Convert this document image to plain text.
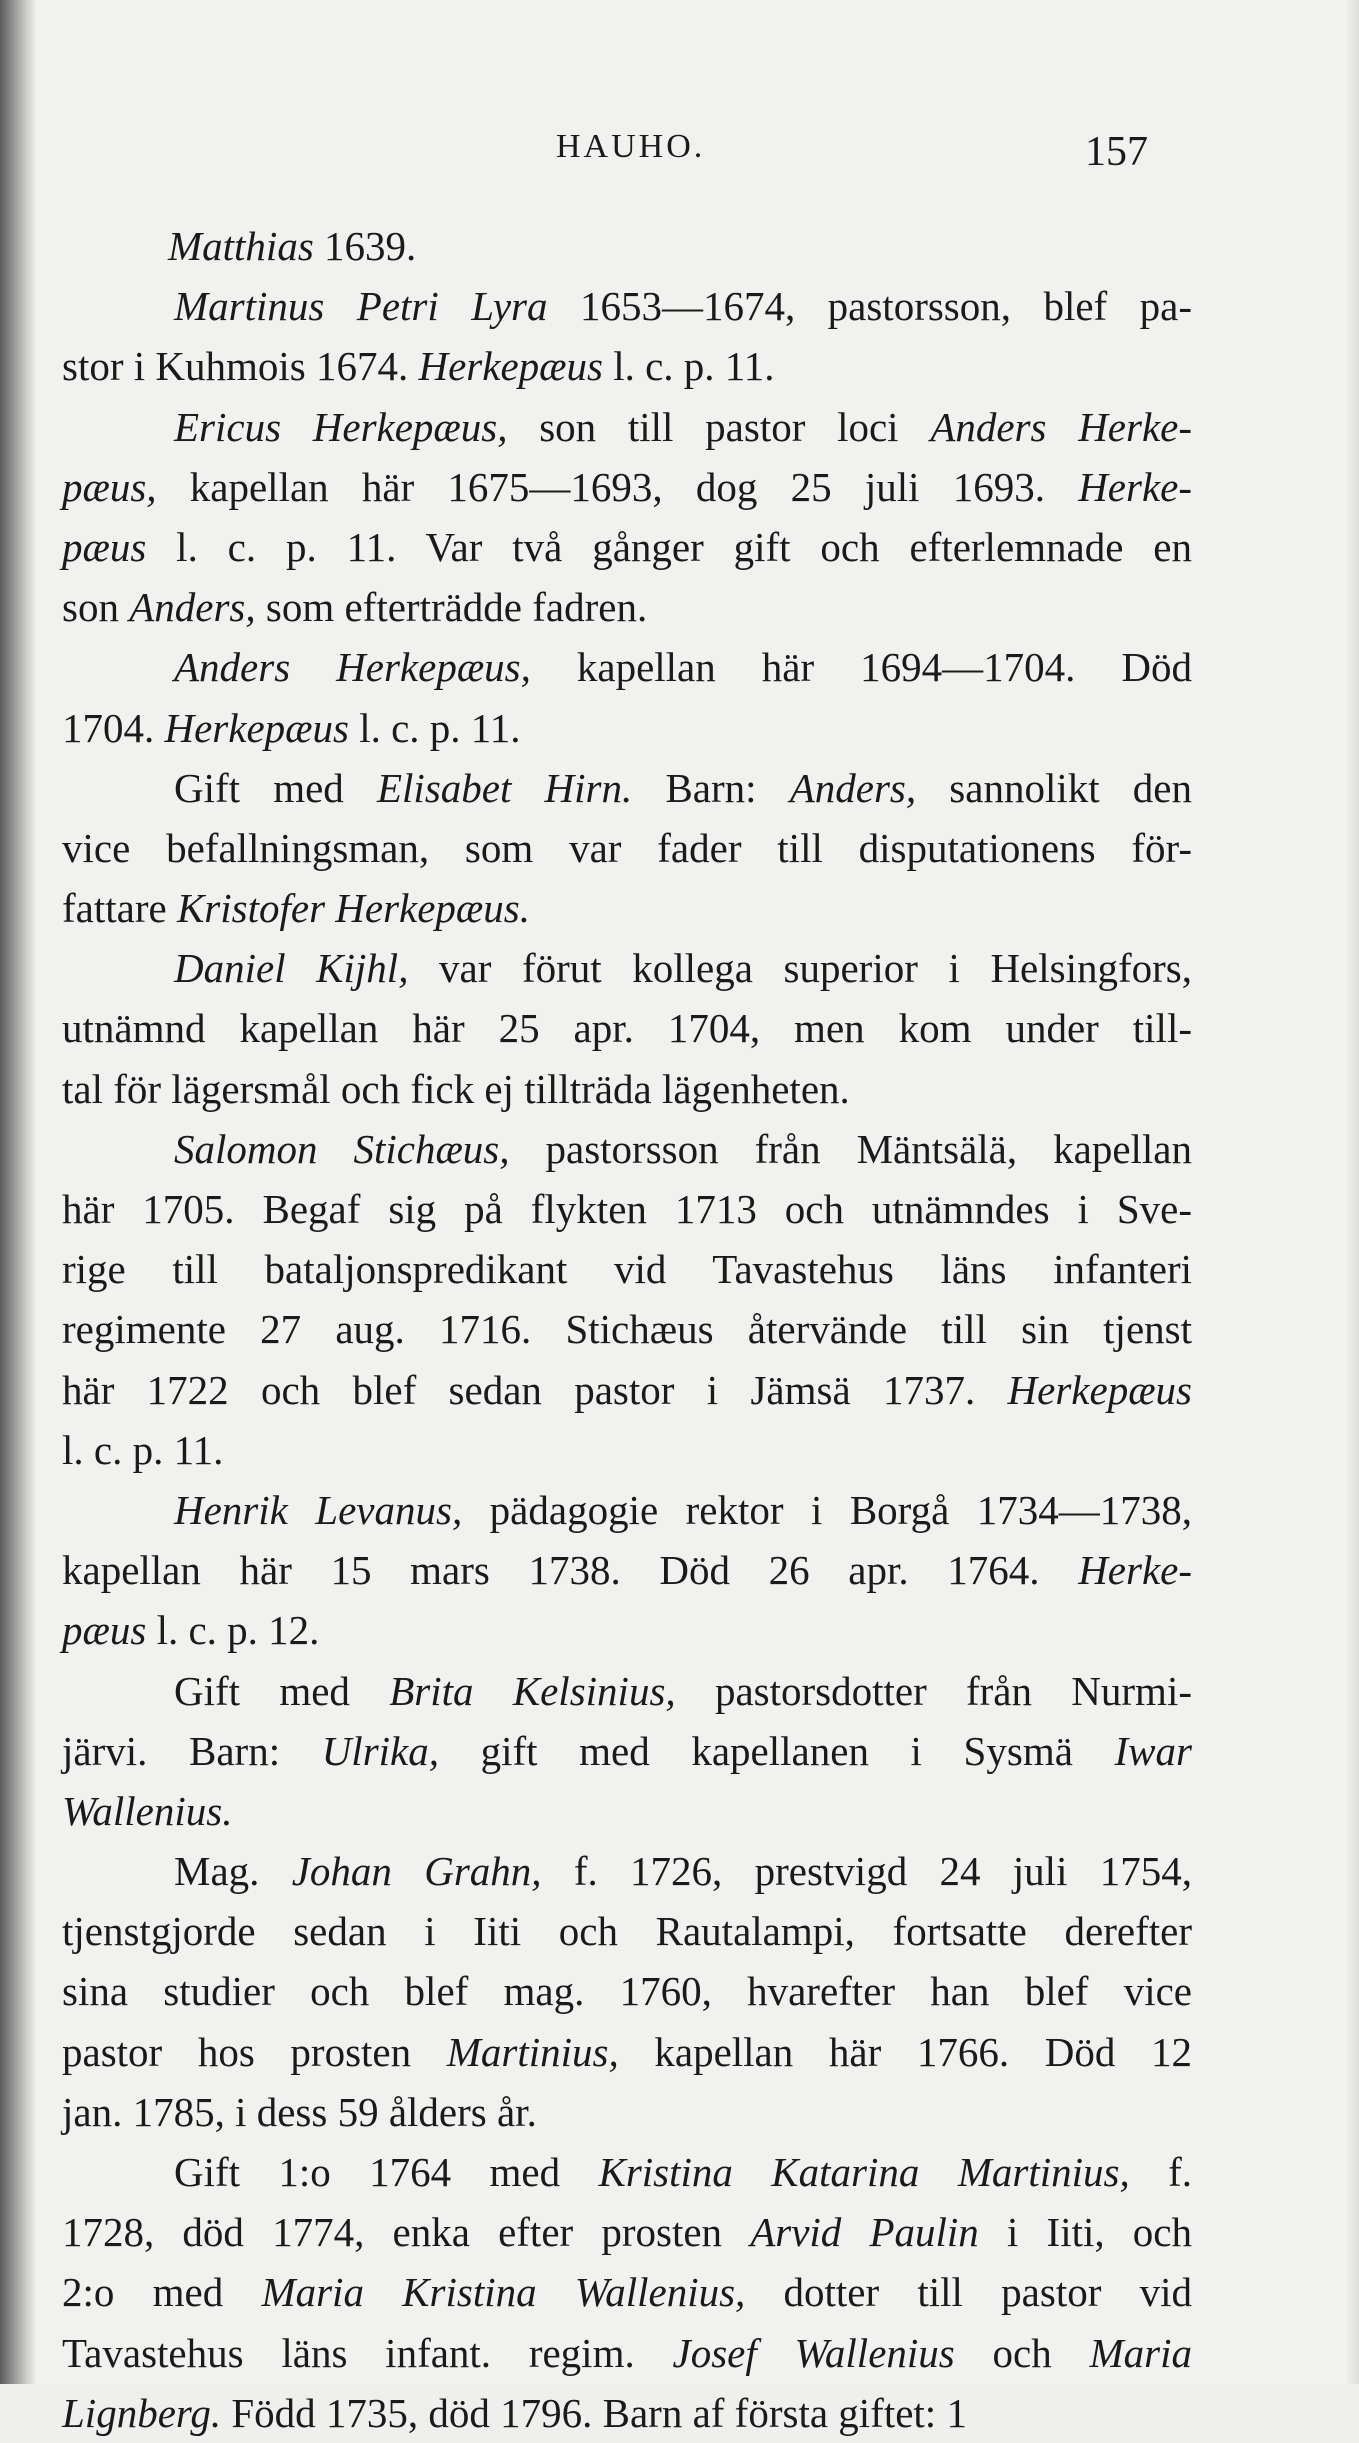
HAUHO.	157
Matthias 1639.
Martinus Petri Lyra 1653—1674, pastorsson, blef pa-
stor i Kuhmois 1674. Herkepæus l. c. p. 11.
Ericus Herkepæus, son till pastor loci Anders Herke-
pæus, kapellan här 1675—1693, dog 25 juli 1693. Herke-
pæus l. c. p. 11. Var två gånger gift och efterlemnade en
son Anders, som efterträdde fadren.
Anders Herkepæus, kapellan här 1694—1704. Död
1704. Herkepæus l. c. p. 11.
Gift med Elisabet Hirn. Barn: Anders, sannolikt den
vice befallningsman, som var fader till disputationens för-
fattare Kristofer Herkepæus.
Daniel Kijhl, var förut kollega superior i Helsingfors,
utnämnd kapellan här 25 apr. 1704, men kom under till-
tal för lägersmål och fick ej tillträda lägenheten.
Salomon Stichæus, pastorsson från Mäntsälä, kapellan
här 1705. Begaf sig på flykten 1713 och utnämndes i Sve-
rige till bataljonspredikant vid Tavastehus läns infanteri
regimente 27 aug. 1716. Stichæus återvände till sin tjenst
här 1722 och blef sedan pastor i Jämsä 1737. Herkepæus
l. c. p. 11.
Henrik Levanus, pädagogie rektor i Borgå 1734—1738,
kapellan här 15 mars 1738. Död 26 apr. 1764. Herke-
pæus l. c. p. 12.
Gift med Brita Kelsinius, pastorsdotter från Nurmi-
järvi. Barn: Ulrika, gift med kapellanen i Sysmä Iwar
Wallenius.
Mag. Johan Grahn, f. 1726, prestvigd 24 juli 1754,
tjenstgjorde sedan i Iiti och Rautalampi, fortsatte derefter
sina studier och blef mag. 1760, hvarefter han blef vice
pastor hos prosten Martinius, kapellan här 1766. Död 12
jan. 1785, i dess 59 ålders år.
Gift 1:o 1764 med Kristina Katarina Martinius, f.
1728, död 1774, enka efter prosten Arvid Paulin i Iiti, och
2:o med Maria Kristina Wallenius, dotter till pastor vid
Tavastehus läns infant. regim. Josef Wallenius och Maria
Lignberg. Född 1735, död 1796. Barn af första giftet: 1
